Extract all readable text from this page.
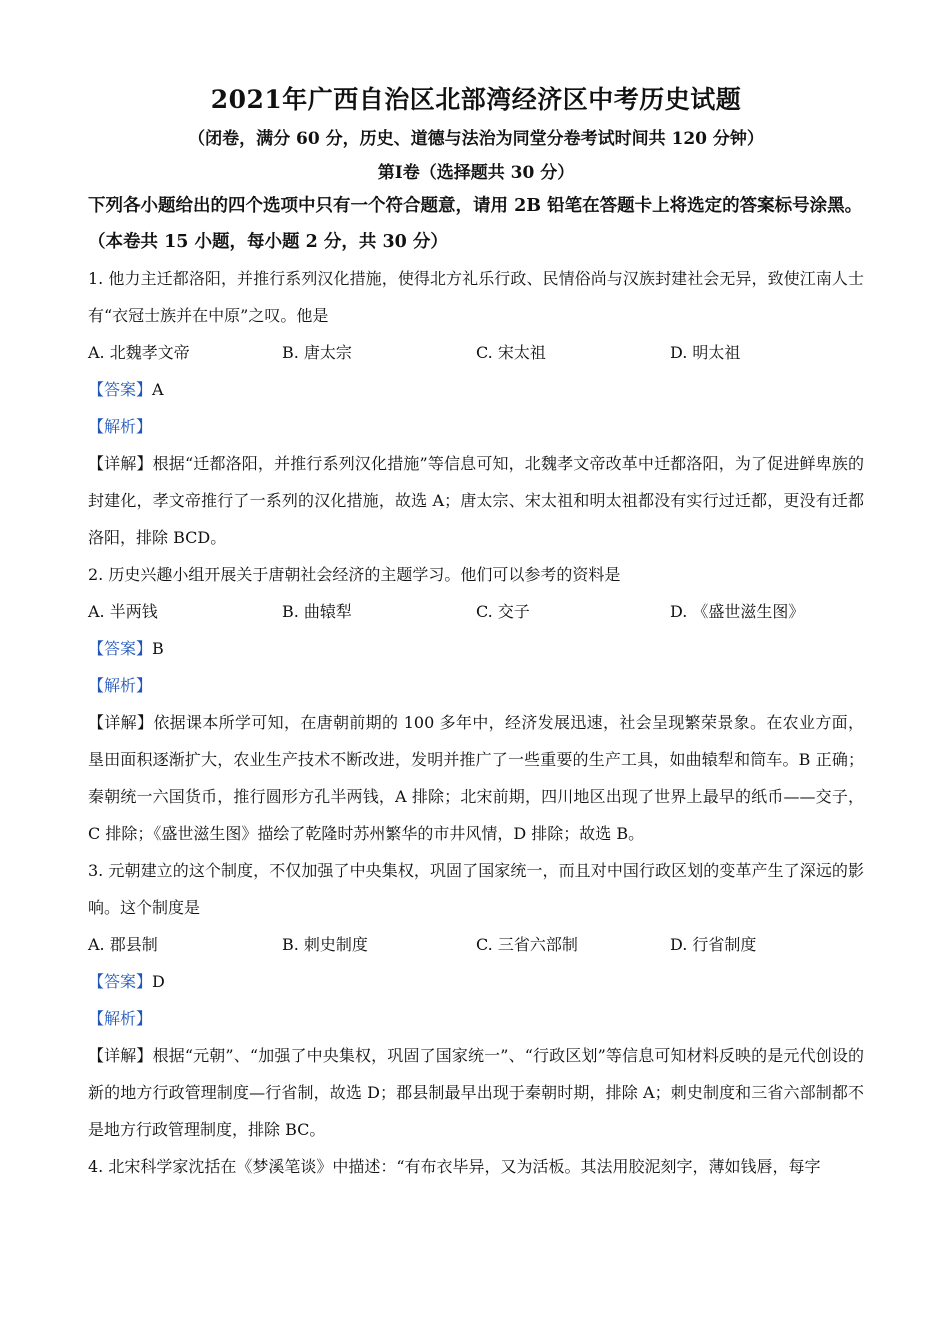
2021年广西自治区北部湾经济区中考历史试题
（闭卷，满分 60 分，历史、道德与法治为同堂分卷考试时间共 120 分钟）
第Ⅰ卷（选择题共 30 分）
下列各小题给出的四个选项中只有一个符合题意，请用 2B 铅笔在答题卡上将选定的答案标号涂黑。（本卷共 15 小题，每小题 2 分，共 30 分）
1. 他力主迁都洛阳，并推行系列汉化措施，使得北方礼乐行政、民情俗尚与汉族封建社会无异，致使江南人士有“衣冠士族并在中原”之叹。他是
A. 北魏孝文帝	B. 唐太宗	C. 宋太祖	D. 明太祖
【答案】A
【解析】
【详解】根据“迁都洛阳，并推行系列汉化措施”等信息可知，北魏孝文帝改革中迁都洛阳，为了促进鲜卑族的封建化，孝文帝推行了一系列的汉化措施，故选 A；唐太宗、宋太祖和明太祖都没有实行过迁都，更没有迁都洛阳，排除 BCD。
2. 历史兴趣小组开展关于唐朝社会经济的主题学习。他们可以参考的资料是
A. 半两钱	B. 曲辕犁	C. 交子	D. 《盛世滋生图》
【答案】B
【解析】
【详解】依据课本所学可知，在唐朝前期的 100 多年中，经济发展迅速，社会呈现繁荣景象。在农业方面，垦田面积逐渐扩大，农业生产技术不断改进，发明并推广了一些重要的生产工具，如曲辕犁和筒车。B 正确；秦朝统一六国货币，推行圆形方孔半两钱，A 排除；北宋前期，四川地区出现了世界上最早的纸币——交子，C 排除；《盛世滋生图》描绘了乾隆时苏州繁华的市井风情，D 排除；故选 B。
3. 元朝建立的这个制度，不仅加强了中央集权，巩固了国家统一，而且对中国行政区划的变革产生了深远的影响。这个制度是
A. 郡县制	B. 刺史制度	C. 三省六部制	D. 行省制度
【答案】D
【解析】
【详解】根据“元朝”、“加强了中央集权，巩固了国家统一”、“行政区划”等信息可知材料反映的是元代创设的新的地方行政管理制度—行省制，故选 D；郡县制最早出现于秦朝时期，排除 A；刺史制度和三省六部制都不是地方行政管理制度，排除 BC。
4. 北宋科学家沈括在《梦溪笔谈》中描述：“有布衣毕异，又为活板。其法用胶泥刻字，薄如钱唇，每字
